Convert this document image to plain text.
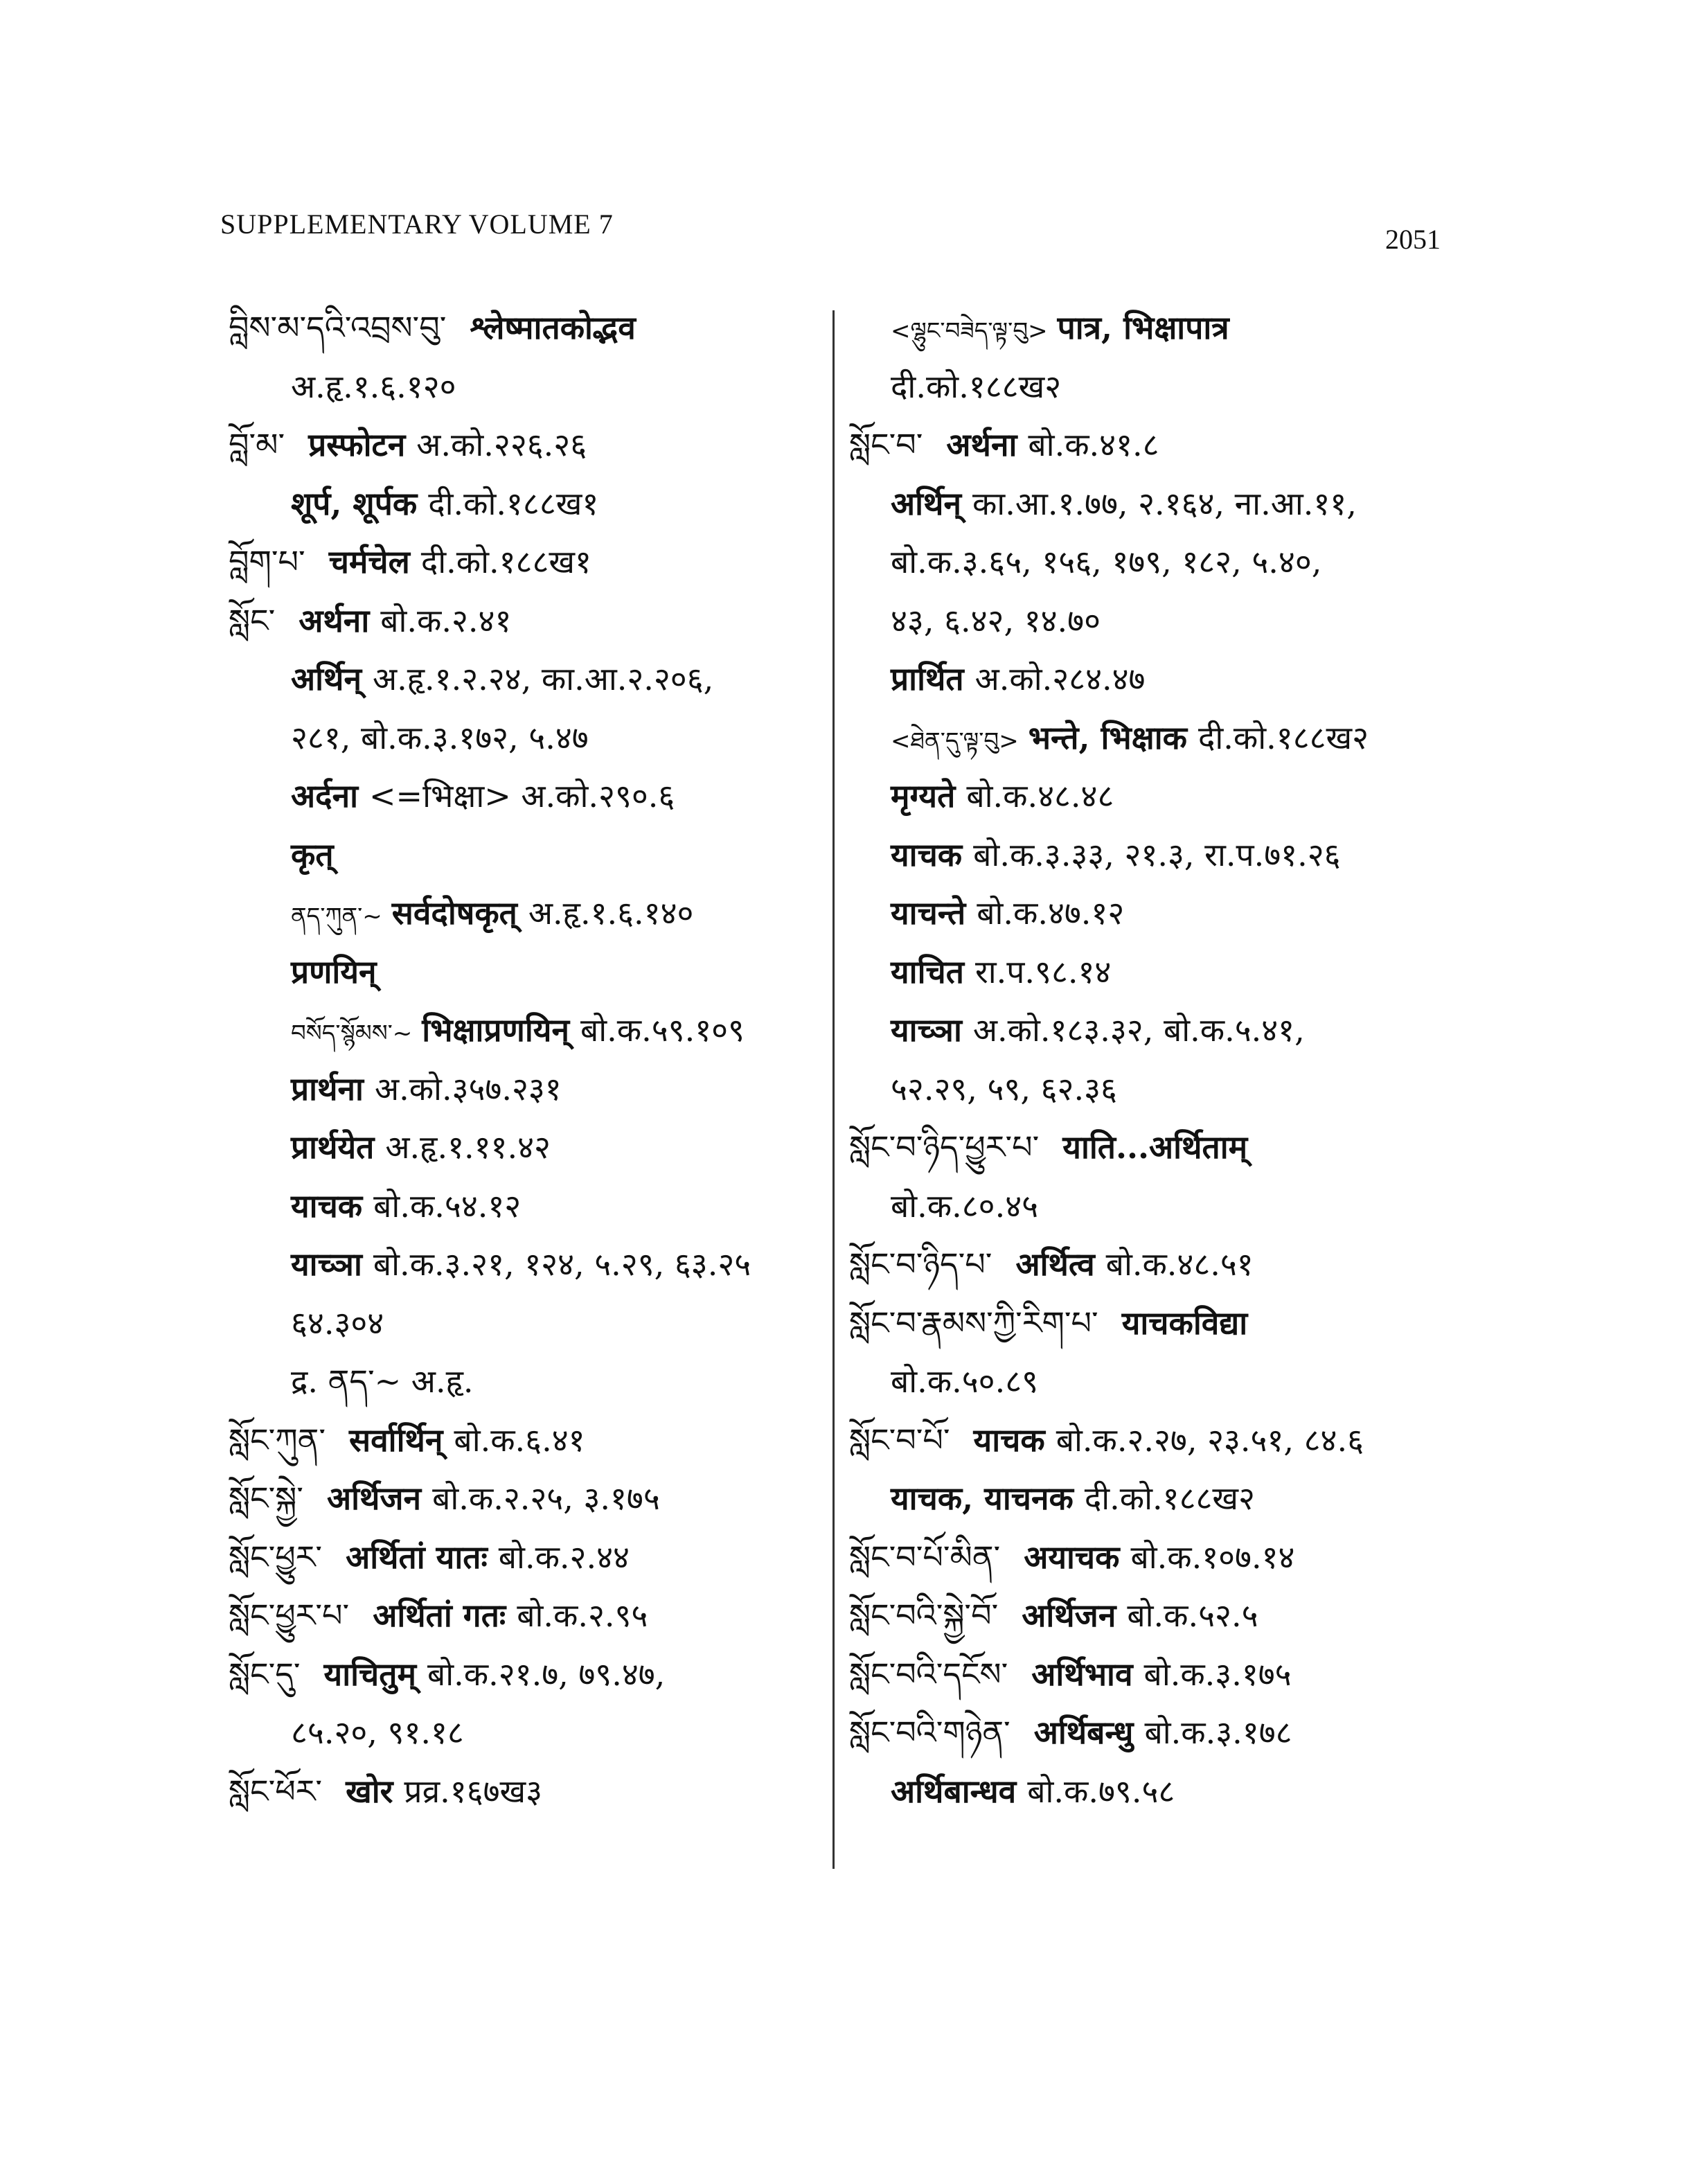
SUPPLEMENTARY VOLUME 7	2051
བླིས་མ་དའི་འབྲས་བུ་ श्लेष्मातकोद्भव
अ.हृ.१.६.१२०
བློ་མ་ प्रस्फोटन अ.को.२२६.२६
शूर्प, शूर्पक दी.को.१८८ख१
བློག་པ་ चर्मचेल दी.को.१८८ख१
སློང་ अर्थना बो.क.२.४१
अर्थिन् अ.हृ.१.२.२४, का.आ.२.२०६,
२८१, बो.क.३.१७२, ५.४७
अर्दना <=भिक्षा> अ.को.२९०.६
कृत्
ནད་ཀུན་~ सर्वदोषकृत् अ.हृ.१.६.१४०
प्रणयिन्
བསོད་སྙོམས་~ भिक्षाप्रणयिन् बो.क.५९.१०९
प्रार्थना अ.को.३५७.२३१
प्रार्थयेत अ.हृ.१.११.४२
याचक बो.क.५४.१२
याच्ञा बो.क.३.२१, १२४, ५.२९, ६३.२५
६४.३०४
द्र. ནད་~ अ.हृ.
སློང་ཀུན་ सर्वार्थिन् बो.क.६.४१
སློང་སྐྱེ་ अर्थिजन बो.क.२.२५, ३.१७५
སློང་ཕྱུར་ अर्थितां यातः बो.क.२.४४
སློང་ཕྱུར་པ་ अर्थितां गतः बो.क.२.९५
སློང་དུ་ याचितुम् बो.क.२१.७, ७९.४७,
८५.२०, ९१.१८
སློང་ཕོར་ खोर प्रव्र.१६७ख३
<ལྷུང་བཟེད་ལྟ་བུ> पात्र, भिक्षापात्र
दी.को.१८८ख२
སློང་བ་ अर्थना बो.क.४१.८
अर्थिन् का.आ.१.७७, २.१६४, ना.आ.११,
बो.क.३.६५, १५६, १७९, १८२, ५.४०,
४३, ६.४२, १४.७०
प्रार्थित अ.को.२८४.४७
<ཐེན་དུ་ལྟ་བུ> भन्ते, भिक्षाक दी.को.१८८ख२
मृग्यते बो.क.४८.४८
याचक बो.क.३.३३, २१.३, रा.प.७१.२६
याचन्ते बो.क.४७.१२
याचित रा.प.९८.१४
याच्ञा अ.को.१८३.३२, बो.क.५.४१,
५२.२९, ५९, ६२.३६
སློང་བ་ཉིད་ཕྱུར་པ་ याति...अर्थिताम्
बो.क.८०.४५
སློང་བ་ཉིད་པ་ अर्थित्व बो.क.४८.५१
སློང་བ་རྣམས་ཀྱི་རིག་པ་ याचकविद्या
बो.क.५०.८९
སློང་བ་པོ་ याचक बो.क.२.२७, २३.५१, ८४.६
याचक, याचनक दी.को.१८८ख२
སློང་བ་པོ་མིན་ अयाचक बो.क.१०७.१४
སློང་བའི་སྐྱེ་བོ་ अर्थिजन बो.क.५२.५
སློང་བའི་དངོས་ अर्थिभाव बो.क.३.१७५
སློང་བའི་གཉེན་ अर्थिबन्धु बो.क.३.१७८
अर्थिबान्धव बो.क.७९.५८
